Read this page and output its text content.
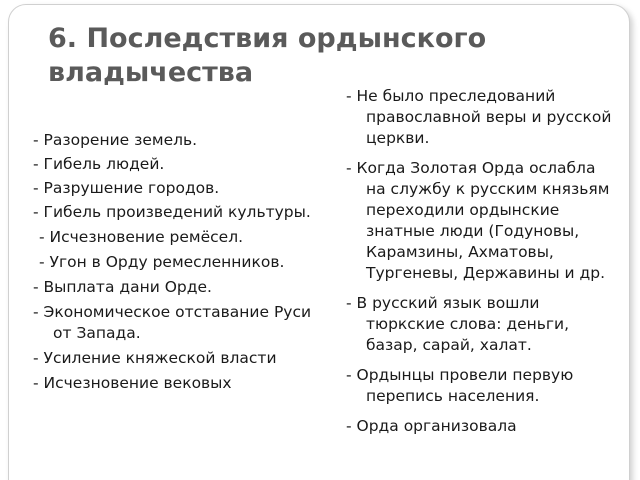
6. Последствия ордынского владычества
- Разорение земель.
- Гибель людей.
- Разрушение городов.
- Гибель произведений культуры.
- Исчезновение ремёсел.
- Угон в Орду ремесленников.
- Выплата дани Орде.
- Экономическое отставание Руси от Запада.
- Усиление княжеской власти
- Исчезновение вековых
- Не было преследований православной веры и русской церкви.
- Когда Золотая Орда ослабла на службу к русским князьям переходили ордынские знатные люди (Годуновы, Карамзины, Ахматовы, Тургеневы, Державины и др.
- В русский язык вошли тюркские слова: деньги, базар, сарай, халат.
- Ордынцы провели первую перепись населения.
- Орда организовала
